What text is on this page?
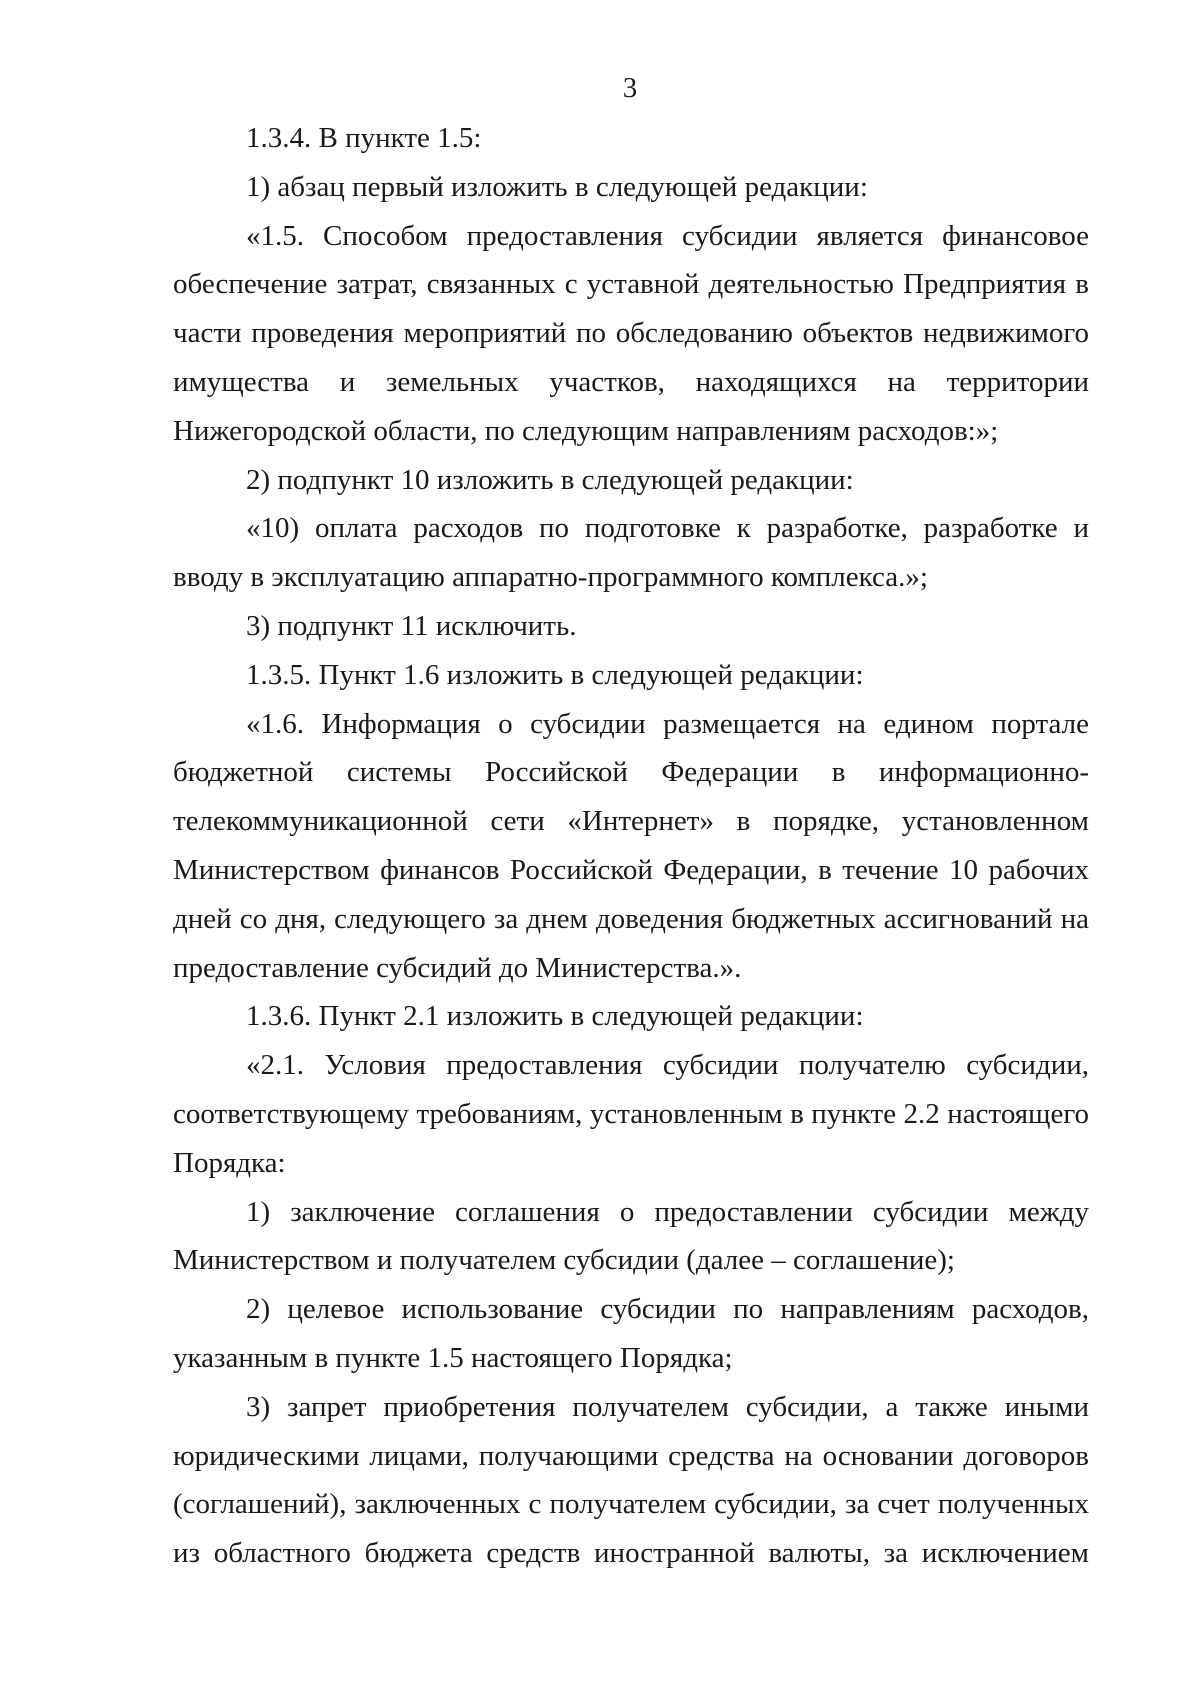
3

1.3.4. В пункте 1.5:

1) абзац первый изложить в следующей редакции:

«1.5. Способом предоставления субсидии является финансовое обеспечение затрат, связанных с уставной деятельностью Предприятия в части проведения мероприятий по обследованию объектов недвижимого имущества и земельных участков, находящихся на территории Нижегородской области, по следующим направлениям расходов:»;

2) подпункт 10 изложить в следующей редакции:

«10) оплата расходов по подготовке к разработке, разработке и вводу в эксплуатацию аппаратно-программного комплекса.»;

3) подпункт 11 исключить.

1.3.5. Пункт 1.6 изложить в следующей редакции:

«1.6. Информация о субсидии размещается на едином портале бюджетной системы Российской Федерации в информационно-телекоммуникационной сети «Интернет» в порядке, установленном Министерством финансов Российской Федерации, в течение 10 рабочих дней со дня, следующего за днем доведения бюджетных ассигнований на предоставление субсидий до Министерства.».

1.3.6. Пункт 2.1 изложить в следующей редакции:

«2.1. Условия предоставления субсидии получателю субсидии, соответствующему требованиям, установленным в пункте 2.2 настоящего Порядка:

1) заключение соглашения о предоставлении субсидии между Министерством и получателем субсидии (далее – соглашение);

2) целевое использование субсидии по направлениям расходов, указанным в пункте 1.5 настоящего Порядка;

3) запрет приобретения получателем субсидии, а также иными юридическими лицами, получающими средства на основании договоров (соглашений), заключенных с получателем субсидии, за счет полученных из областного бюджета средств иностранной валюты, за исключением
